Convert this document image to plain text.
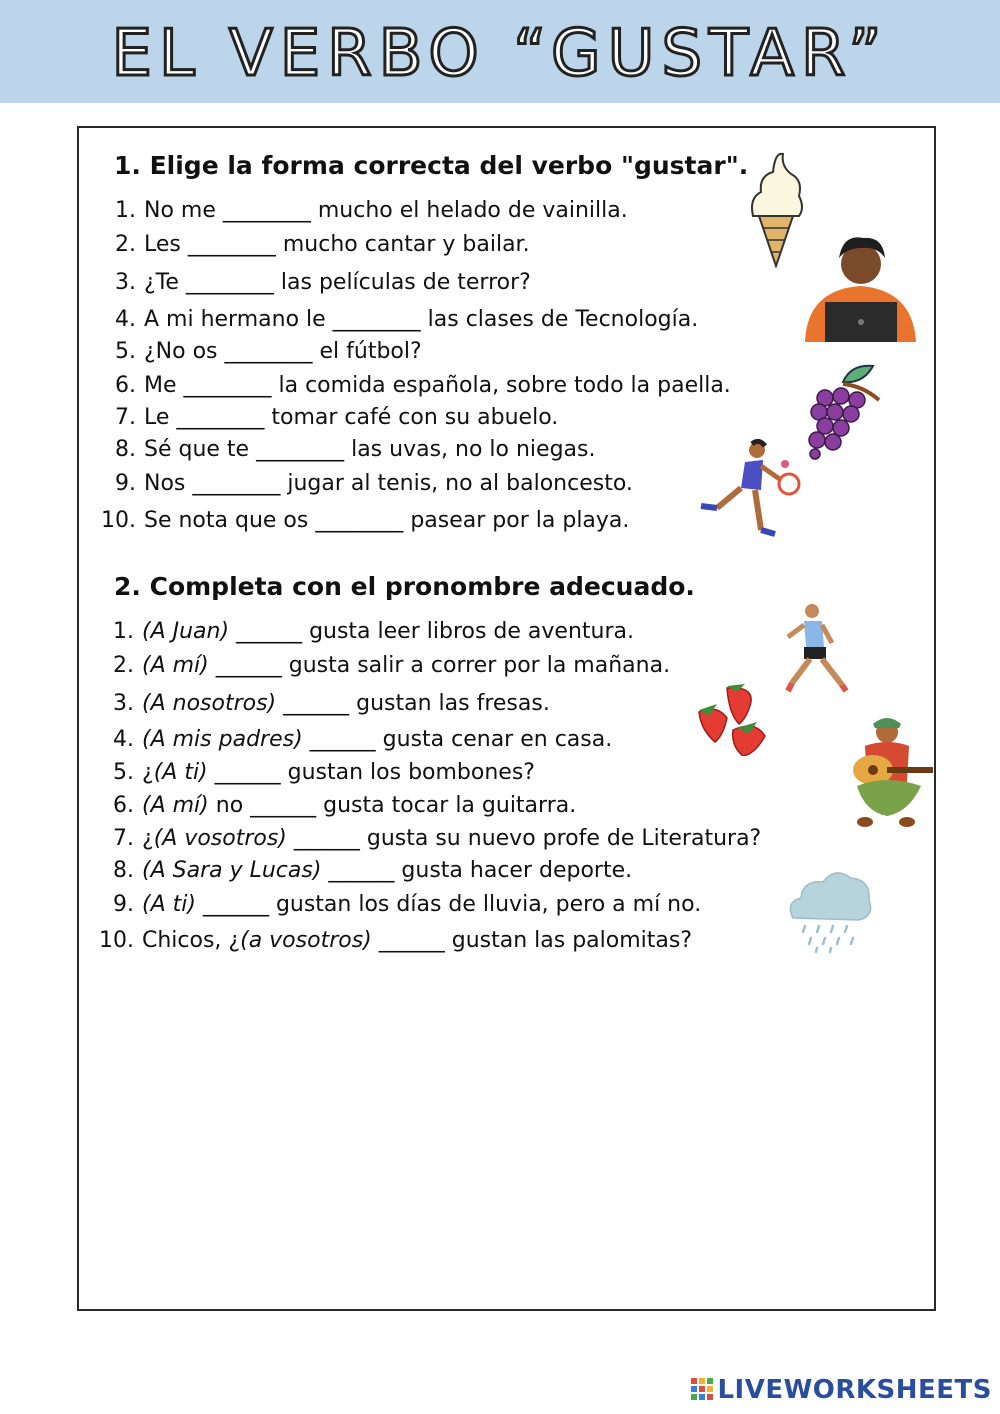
EL VERBO “GUSTAR”
1. Elige la forma correcta del verbo "gustar".
1. No me ________ mucho el helado de vainilla.
2. Les ________ mucho cantar y bailar.
3. ¿Te ________ las películas de terror?
4. A mi hermano le ________ las clases de Tecnología.
5. ¿No os ________ el fútbol?
6. Me ________ la comida española, sobre todo la paella.
7. Le ________ tomar café con su abuelo.
8. Sé que te ________ las uvas, no lo niegas.
9. Nos ________ jugar al tenis, no al baloncesto.
10. Se nota que os ________ pasear por la playa.
2. Completa con el pronombre adecuado.
1. (A Juan) ______ gusta leer libros de aventura.
2. (A mí) ______ gusta salir a correr por la mañana.
3. (A nosotros) ______ gustan las fresas.
4. (A mis padres) ______ gusta cenar en casa.
5. ¿(A ti) ______ gustan los bombones?
6. (A mí) no ______ gusta tocar la guitarra.
7. ¿(A vosotros) ______ gusta su nuevo profe de Literatura?
8. (A Sara y Lucas) ______ gusta hacer deporte.
9. (A ti) ______ gustan los días de lluvia, pero a mí no.
10. Chicos, ¿(a vosotros) ______ gustan las palomitas?
LIVEWORKSHEETS
